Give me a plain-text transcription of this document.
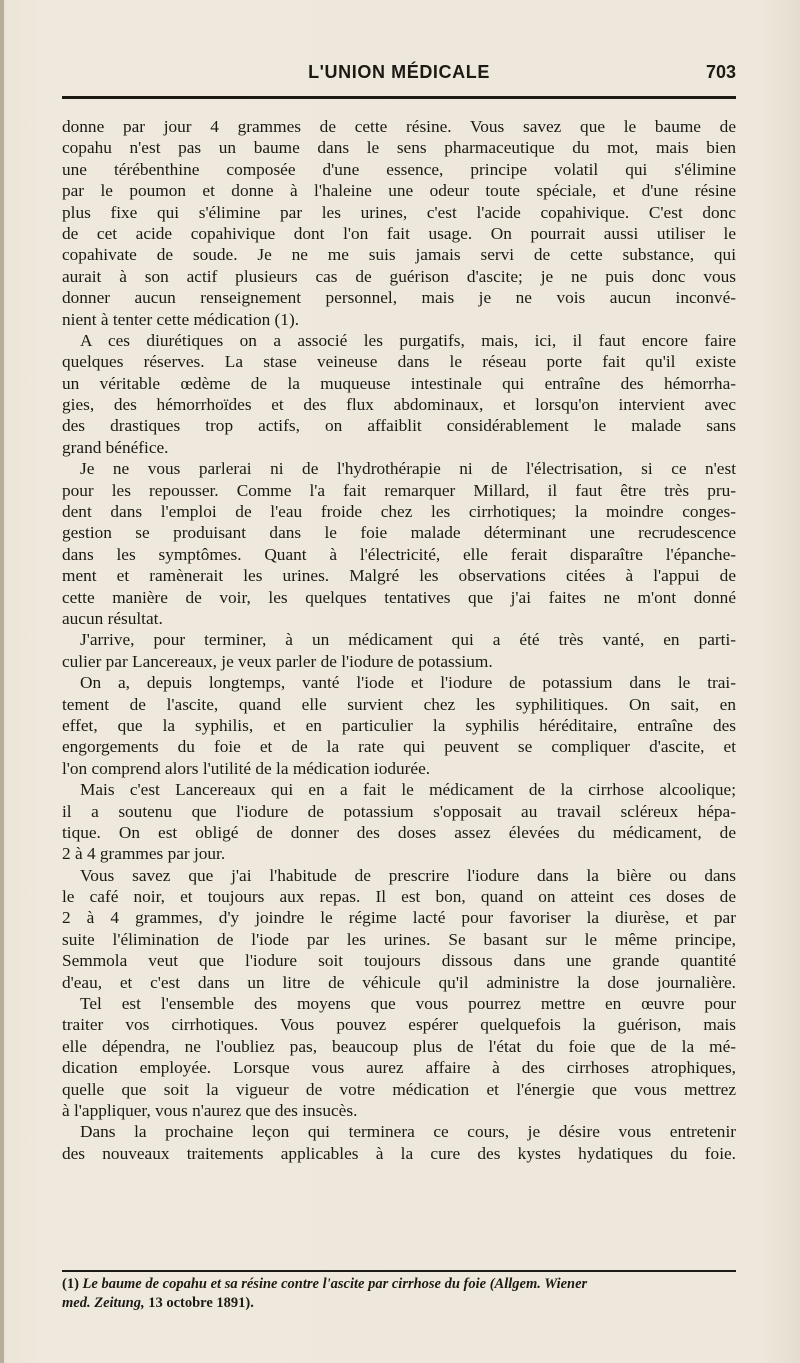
L'UNION MÉDICALE	703
donne par jour 4 grammes de cette résine. Vous savez que le baume de
copahu n'est pas un baume dans le sens pharmaceutique du mot, mais bien
une térébenthine composée d'une essence, principe volatil qui s'élimine
par le poumon et donne à l'haleine une odeur toute spéciale, et d'une résine
plus fixe qui s'élimine par les urines, c'est l'acide copahivique. C'est donc
de cet acide copahivique dont l'on fait usage. On pourrait aussi utiliser le
copahivate de soude. Je ne me suis jamais servi de cette substance, qui
aurait à son actif plusieurs cas de guérison d'ascite; je ne puis donc vous
donner aucun renseignement personnel, mais je ne vois aucun inconvé-
nient à tenter cette médication (1).
A ces diurétiques on a associé les purgatifs, mais, ici, il faut encore faire
quelques réserves. La stase veineuse dans le réseau porte fait qu'il existe
un véritable œdème de la muqueuse intestinale qui entraîne des hémorrha-
gies, des hémorrhoïdes et des flux abdominaux, et lorsqu'on intervient avec
des drastiques trop actifs, on affaiblit considérablement le malade sans
grand bénéfice.
Je ne vous parlerai ni de l'hydrothérapie ni de l'électrisation, si ce n'est
pour les repousser. Comme l'a fait remarquer Millard, il faut être très pru-
dent dans l'emploi de l'eau froide chez les cirrhotiques; la moindre conges-
gestion se produisant dans le foie malade déterminant une recrudescence
dans les symptômes. Quant à l'électricité, elle ferait disparaître l'épanche-
ment et ramènerait les urines. Malgré les observations citées à l'appui de
cette manière de voir, les quelques tentatives que j'ai faites ne m'ont donné
aucun résultat.
J'arrive, pour terminer, à un médicament qui a été très vanté, en parti-
culier par Lancereaux, je veux parler de l'iodure de potassium.
On a, depuis longtemps, vanté l'iode et l'iodure de potassium dans le trai-
tement de l'ascite, quand elle survient chez les syphilitiques. On sait, en
effet, que la syphilis, et en particulier la syphilis héréditaire, entraîne des
engorgements du foie et de la rate qui peuvent se compliquer d'ascite, et
l'on comprend alors l'utilité de la médication iodurée.
Mais c'est Lancereaux qui en a fait le médicament de la cirrhose alcoolique;
il a soutenu que l'iodure de potassium s'opposait au travail scléreux hépa-
tique. On est obligé de donner des doses assez élevées du médicament, de
2 à 4 grammes par jour.
Vous savez que j'ai l'habitude de prescrire l'iodure dans la bière ou dans
le café noir, et toujours aux repas. Il est bon, quand on atteint ces doses de
2 à 4 grammes, d'y joindre le régime lacté pour favoriser la diurèse, et par
suite l'élimination de l'iode par les urines. Se basant sur le même principe,
Semmola veut que l'iodure soit toujours dissous dans une grande quantité
d'eau, et c'est dans un litre de véhicule qu'il administre la dose journalière.
Tel est l'ensemble des moyens que vous pourrez mettre en œuvre pour
traiter vos cirrhotiques. Vous pouvez espérer quelquefois la guérison, mais
elle dépendra, ne l'oubliez pas, beaucoup plus de l'état du foie que de la mé-
dication employée. Lorsque vous aurez affaire à des cirrhoses atrophiques,
quelle que soit la vigueur de votre médication et l'énergie que vous mettrez
à l'appliquer, vous n'aurez que des insucès.
Dans la prochaine leçon qui terminera ce cours, je désire vous entretenir
des nouveaux traitements applicables à la cure des kystes hydatiques du foie.
(1) Le baume de copahu et sa résine contre l'ascite par cirrhose du foie (Allgem. Wiener
med. Zeitung, 13 octobre 1891).
